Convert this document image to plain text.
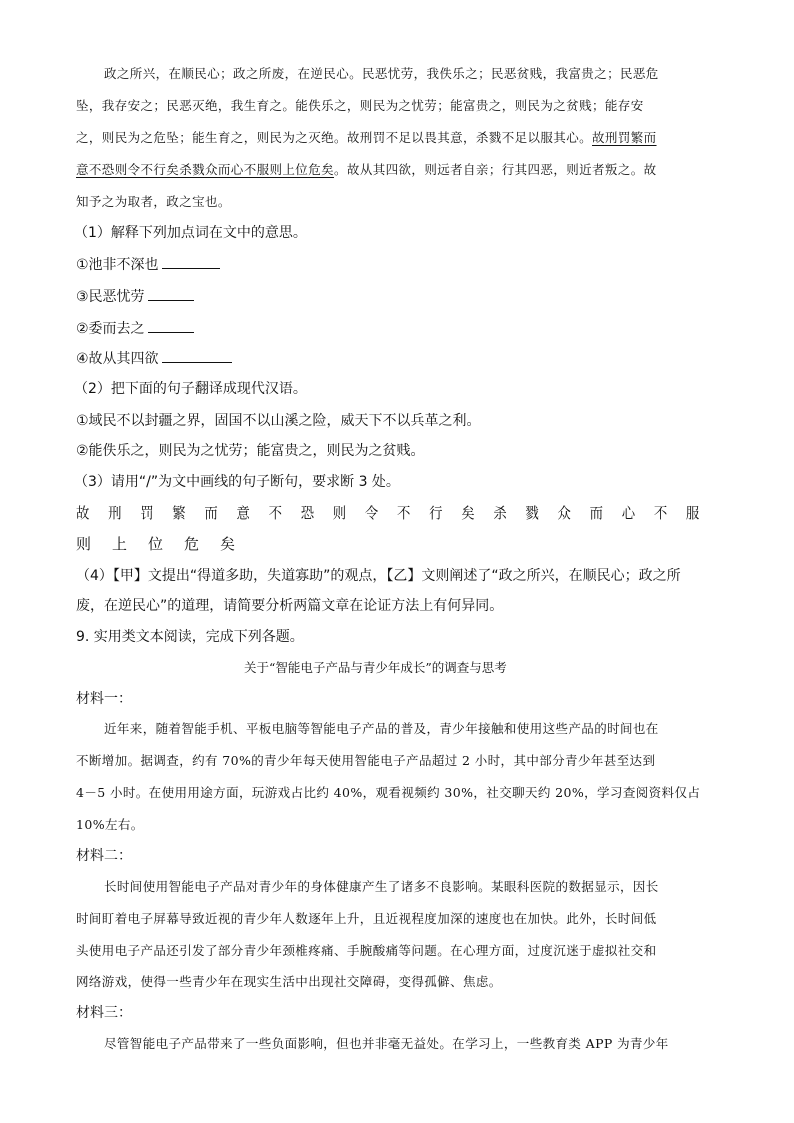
政之所兴，在顺民心；政之所废，在逆民心。民恶忧劳，我佚乐之；民恶贫贱，我富贵之；民恶危
坠，我存安之；民恶灭绝，我生育之。能佚乐之，则民为之忧劳；能富贵之，则民为之贫贱；能存安
之，则民为之危坠；能生育之，则民为之灭绝。故刑罚不足以畏其意，杀戮不足以服其心。故刑罚繁而
意不恐则令不行矣杀戮众而心不服则上位危矣。故从其四欲，则远者自亲；行其四恶，则近者叛之。故
知予之为取者，政之宝也。
（1）解释下列加点词在文中的意思。
①池非不深也
③民恶忧劳
②委而去之
④故从其四欲
（2）把下面的句子翻译成现代汉语。
①域民不以封疆之界，固国不以山溪之险，威天下不以兵革之利。
②能佚乐之，则民为之忧劳；能富贵之，则民为之贫贱。
（3）请用“/”为文中画线的句子断句，要求断 3 处。
故 刑 罚 繁 而 意 不 恐 则 令 不 行 矣 杀 戮 众 而 心 不 服
则 上 位 危 矣
（4）【甲】文提出“得道多助，失道寡助”的观点，【乙】文则阐述了“政之所兴，在顺民心；政之所
废，在逆民心”的道理，请简要分析两篇文章在论证方法上有何异同。
9. 实用类文本阅读，完成下列各题。
关于“智能电子产品与青少年成长”的调查与思考
材料一：
近年来，随着智能手机、平板电脑等智能电子产品的普及，青少年接触和使用这些产品的时间也在
不断增加。据调查，约有 70%的青少年每天使用智能电子产品超过 2 小时，其中部分青少年甚至达到
4－5 小时。在使用用途方面，玩游戏占比约 40%，观看视频约 30%，社交聊天约 20%，学习查阅资料仅占
10%左右。
材料二：
长时间使用智能电子产品对青少年的身体健康产生了诸多不良影响。某眼科医院的数据显示，因长
时间盯着电子屏幕导致近视的青少年人数逐年上升，且近视程度加深的速度也在加快。此外，长时间低
头使用电子产品还引发了部分青少年颈椎疼痛、手腕酸痛等问题。在心理方面，过度沉迷于虚拟社交和
网络游戏，使得一些青少年在现实生活中出现社交障碍，变得孤僻、焦虑。
材料三：
尽管智能电子产品带来了一些负面影响，但也并非毫无益处。在学习上，一些教育类 APP 为青少年
